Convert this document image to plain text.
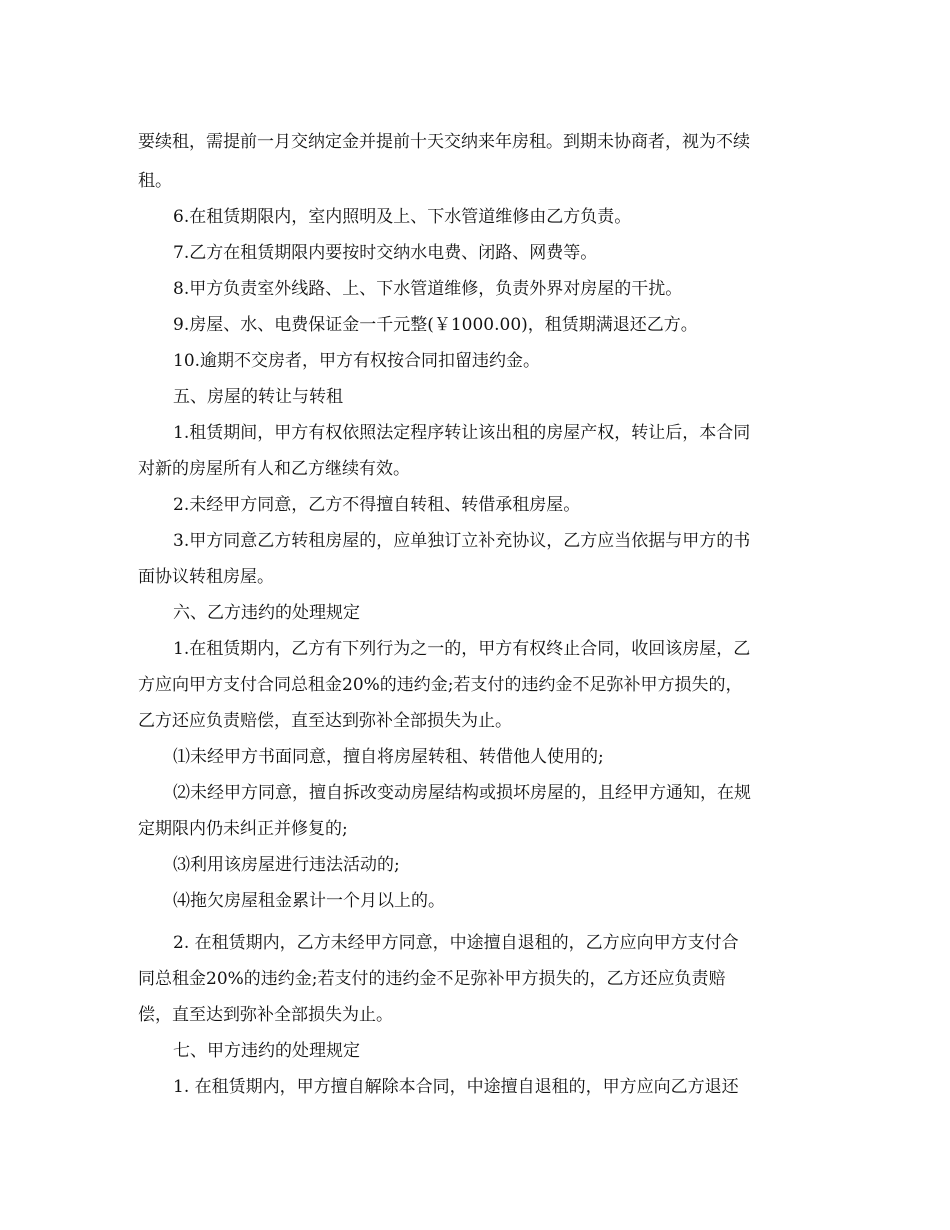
要续租，需提前一月交纳定金并提前十天交纳来年房租。到期未协商者，视为不续
租。
6.在租赁期限内，室内照明及上、下水管道维修由乙方负责。
7.乙方在租赁期限内要按时交纳水电费、闭路、网费等。
8.甲方负责室外线路、上、下水管道维修，负责外界对房屋的干扰。
9.房屋、水、电费保证金一千元整(￥1000.00)，租赁期满退还乙方。
10.逾期不交房者，甲方有权按合同扣留违约金。
五、房屋的转让与转租
1.租赁期间，甲方有权依照法定程序转让该出租的房屋产权，转让后，本合同
对新的房屋所有人和乙方继续有效。
2.未经甲方同意，乙方不得擅自转租、转借承租房屋。
3.甲方同意乙方转租房屋的，应单独订立补充协议，乙方应当依据与甲方的书
面协议转租房屋。
六、乙方违约的处理规定
1.在租赁期内，乙方有下列行为之一的，甲方有权终止合同，收回该房屋，乙
方应向甲方支付合同总租金20%的违约金;若支付的违约金不足弥补甲方损失的，
乙方还应负责赔偿，直至达到弥补全部损失为止。
⑴未经甲方书面同意，擅自将房屋转租、转借他人使用的;
⑵未经甲方同意，擅自拆改变动房屋结构或损坏房屋的，且经甲方通知，在规
定期限内仍未纠正并修复的;
⑶利用该房屋进行违法活动的;
⑷拖欠房屋租金累计一个月以上的。
2. 在租赁期内，乙方未经甲方同意，中途擅自退租的，乙方应向甲方支付合
同总租金20%的违约金;若支付的违约金不足弥补甲方损失的，乙方还应负责赔
偿，直至达到弥补全部损失为止。
七、甲方违约的处理规定
1. 在租赁期内，甲方擅自解除本合同，中途擅自退租的，甲方应向乙方退还
